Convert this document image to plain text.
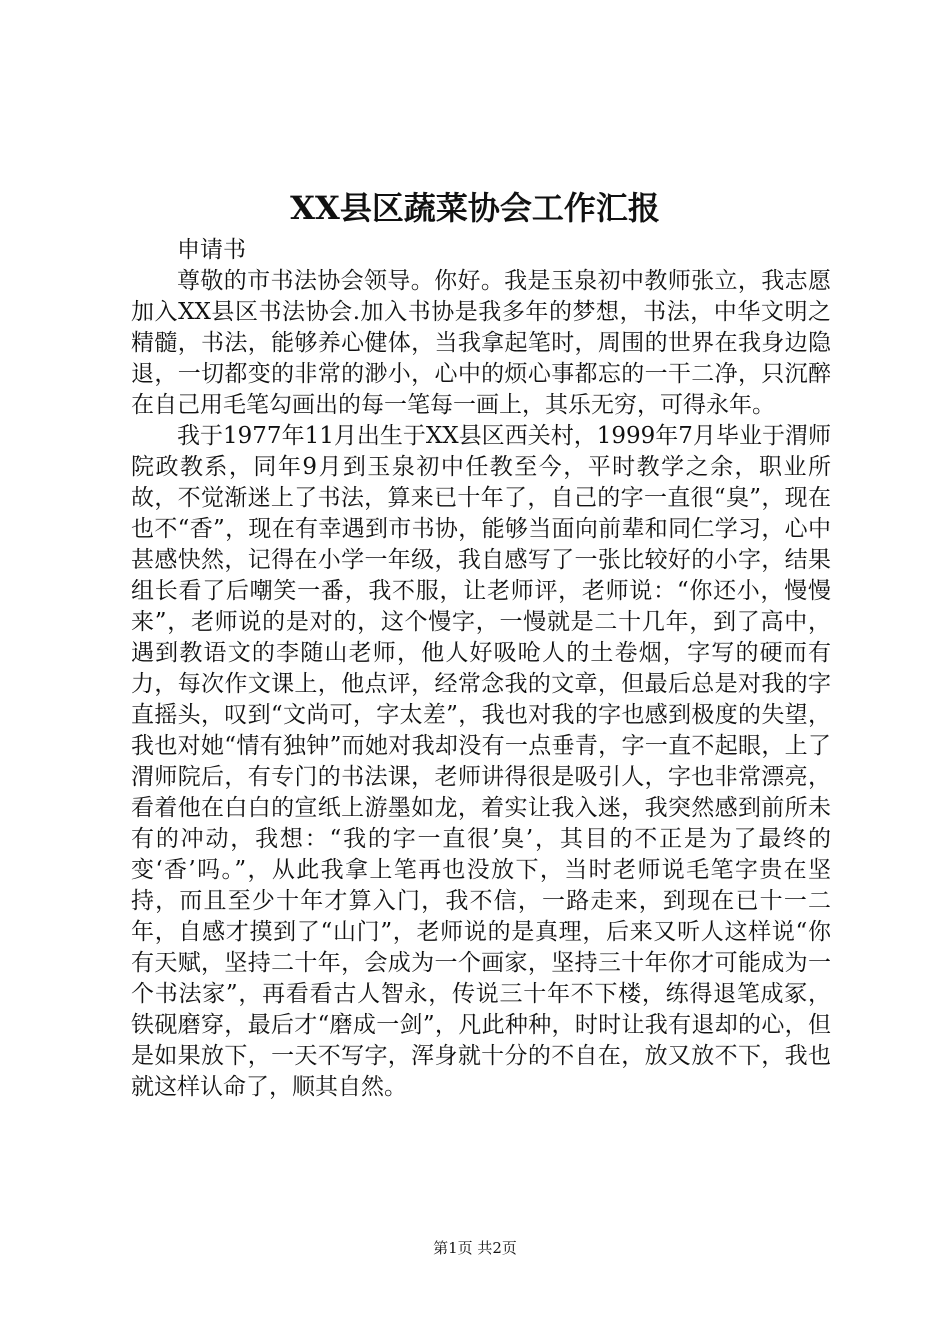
XX县区蔬菜协会工作汇报

申请书

尊敬的市书法协会领导。你好。我是玉泉初中教师张立，我志愿加入XX县区书法协会.加入书协是我多年的梦想，书法，中华文明之精髓，书法，能够养心健体，当我拿起笔时，周围的世界在我身边隐退，一切都变的非常的渺小，心中的烦心事都忘的一干二净，只沉醉在自己用毛笔勾画出的每一笔每一画上，其乐无穷，可得永年。

我于1977年11月出生于XX县区西关村，1999年7月毕业于渭师院政教系，同年9月到玉泉初中任教至今，平时教学之余，职业所故，不觉渐迷上了书法，算来已十年了，自己的字一直很“臭”，现在也不“香”，现在有幸遇到市书协，能够当面向前辈和同仁学习，心中甚感快然，记得在小学一年级，我自感写了一张比较好的小字，结果组长看了后嘲笑一番，我不服，让老师评，老师说：“你还小，慢慢来”，老师说的是对的，这个慢字，一慢就是二十几年，到了高中，遇到教语文的李随山老师，他人好吸呛人的土卷烟，字写的硬而有力，每次作文课上，他点评，经常念我的文章，但最后总是对我的字直摇头，叹到“文尚可，字太差”，我也对我的字也感到极度的失望，我也对她“情有独钟”而她对我却没有一点垂青，字一直不起眼，上了渭师院后，有专门的书法课，老师讲得很是吸引人，字也非常漂亮，看着他在白白的宣纸上游墨如龙，着实让我入迷，我突然感到前所未有的冲动，我想：“我的字一直很’臭’，其目的不正是为了最终的变‘香’吗。”，从此我拿上笔再也没放下，当时老师说毛笔字贵在坚持，而且至少十年才算入门，我不信，一路走来，到现在已十一二年，自感才摸到了“山门”，老师说的是真理，后来又听人这样说“你有天赋，坚持二十年，会成为一个画家，坚持三十年你才可能成为一个书法家”，再看看古人智永，传说三十年不下楼，练得退笔成冢，铁砚磨穿，最后才“磨成一剑”，凡此种种，时时让我有退却的心，但是如果放下，一天不写字，浑身就十分的不自在，放又放不下，我也就这样认命了，顺其自然。

第1页 共2页
